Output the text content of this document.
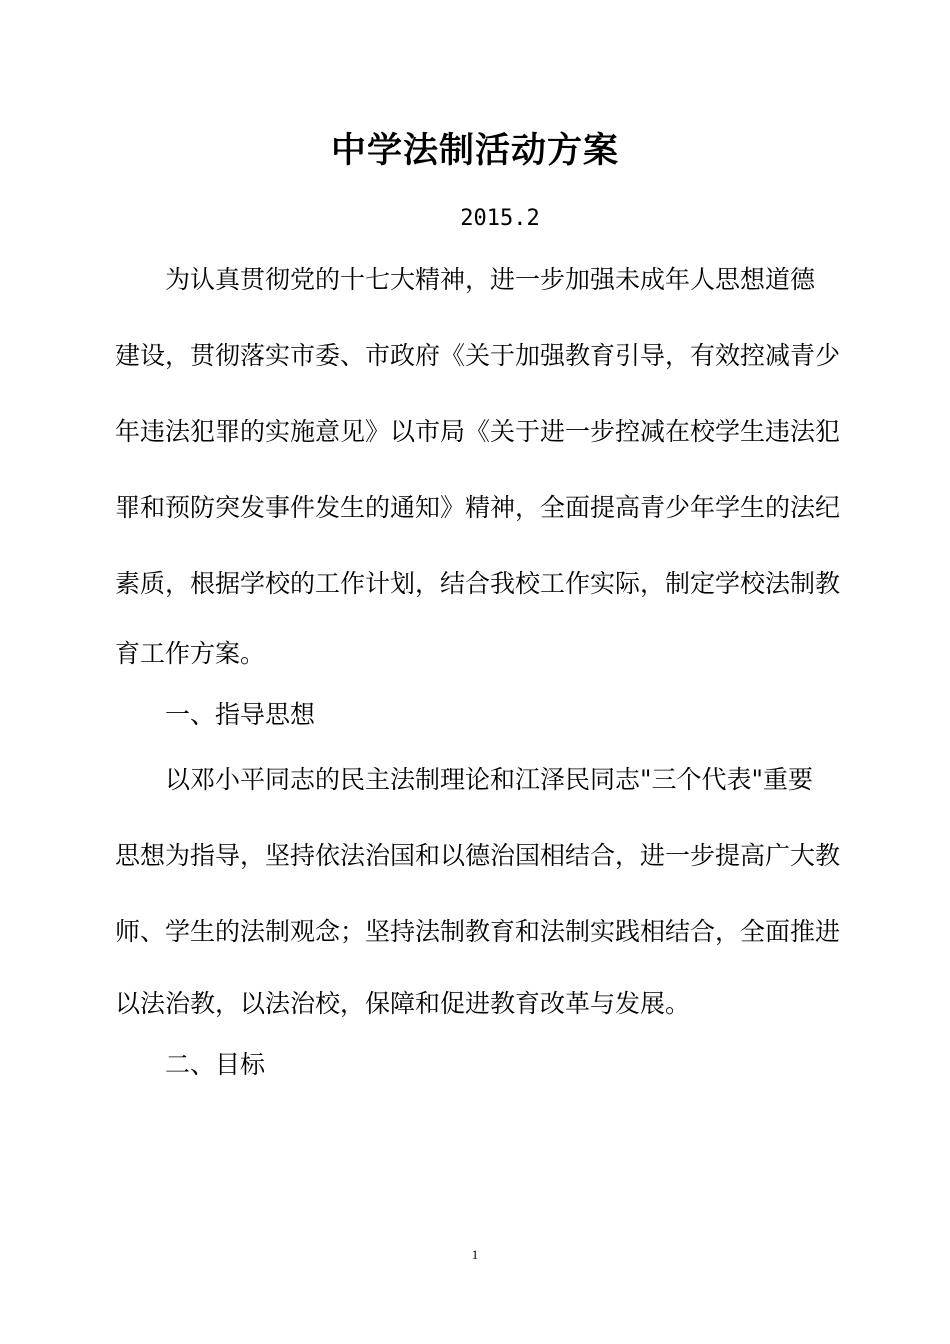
中学法制活动方案
2015.2
为认真贯彻党的十七大精神，进一步加强未成年人思想道德
建设，贯彻落实市委、市政府《关于加强教育引导，有效控减青少
年违法犯罪的实施意见》以市局《关于进一步控减在校学生违法犯
罪和预防突发事件发生的通知》精神，全面提高青少年学生的法纪
素质，根据学校的工作计划，结合我校工作实际，制定学校法制教
育工作方案。
一、指导思想
以邓小平同志的民主法制理论和江泽民同志"三个代表"重要
思想为指导，坚持依法治国和以德治国相结合，进一步提高广大教
师、学生的法制观念；坚持法制教育和法制实践相结合，全面推进
以法治教，以法治校，保障和促进教育改革与发展。
二、目标
1
